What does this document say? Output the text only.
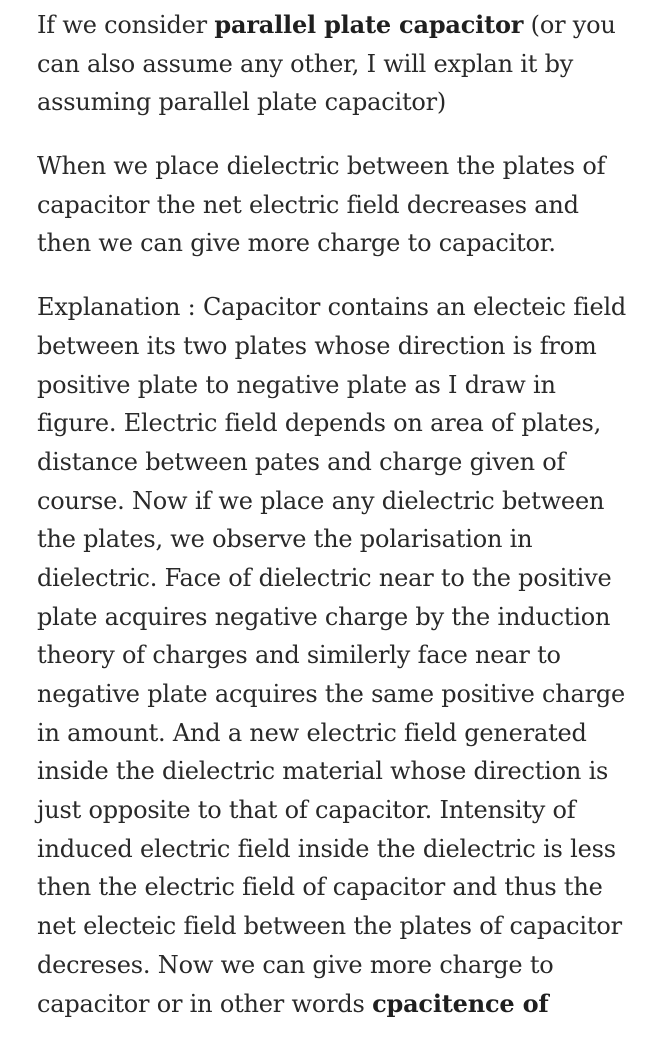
If we consider parallel plate capacitor (or you
can also assume any other, I will explan it by
assuming parallel plate capacitor)
When we place dielectric between the plates of
capacitor the net electric field decreases and
then we can give more charge to capacitor.
Explanation : Capacitor contains an electeic field
between its two plates whose direction is from
positive plate to negative plate as I draw in
figure. Electric field depends on area of plates,
distance between pates and charge given of
course. Now if we place any dielectric between
the plates, we observe the polarisation in
dielectric. Face of dielectric near to the positive
plate acquires negative charge by the induction
theory of charges and similerly face near to
negative plate acquires the same positive charge
in amount. And a new electric field generated
inside the dielectric material whose direction is
just opposite to that of capacitor. Intensity of
induced electric field inside the dielectric is less
then the electric field of capacitor and thus the
net electeic field between the plates of capacitor
decreses. Now we can give more charge to
capacitor or in other words cpacitence of
